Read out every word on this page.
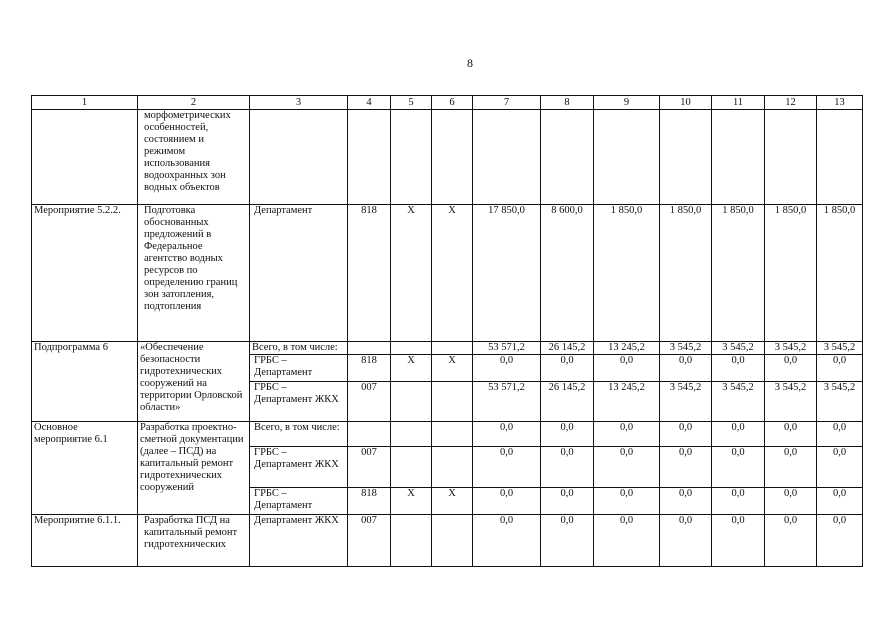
8
1	2	3	4	5	6	7	8	9	10	11	12	13
	морфометрических особенностей, состоянием и режимом использования водоохранных зон водных объектов											
Мероприятие 5.2.2.	Подготовка обоснованных предложений в Федеральное агентство водных ресурсов по определению границ зон затопления, подтопления	Департамент	818	X	X	17 850,0	8 600,0	1 850,0	1 850,0	1 850,0	1 850,0	1 850,0
Подпрограмма 6	«Обеспечение безопасности гидротехнических сооружений на территории Орловской области»	Всего, в том числе:				53 571,2	26 145,2	13 245,2	3 545,2	3 545,2	3 545,2	3 545,2
		ГРБС – Департамент	818	X	X	0,0	0,0	0,0	0,0	0,0	0,0	0,0
		ГРБС – Департамент ЖКХ	007			53 571,2	26 145,2	13 245,2	3 545,2	3 545,2	3 545,2	3 545,2
Основное мероприятие 6.1	Разработка проектно-сметной документации (далее – ПСД) на капитальный ремонт гидротехнических сооружений	Всего, в том числе:				0,0	0,0	0,0	0,0	0,0	0,0	0,0
		ГРБС – Департамент ЖКХ	007			0,0	0,0	0,0	0,0	0,0	0,0	0,0
		ГРБС – Департамент	818	X	X	0,0	0,0	0,0	0,0	0,0	0,0	0,0
Мероприятие 6.1.1.	Разработка ПСД на капитальный ремонт гидротехнических	Департамент ЖКХ	007			0,0	0,0	0,0	0,0	0,0	0,0	0,0
